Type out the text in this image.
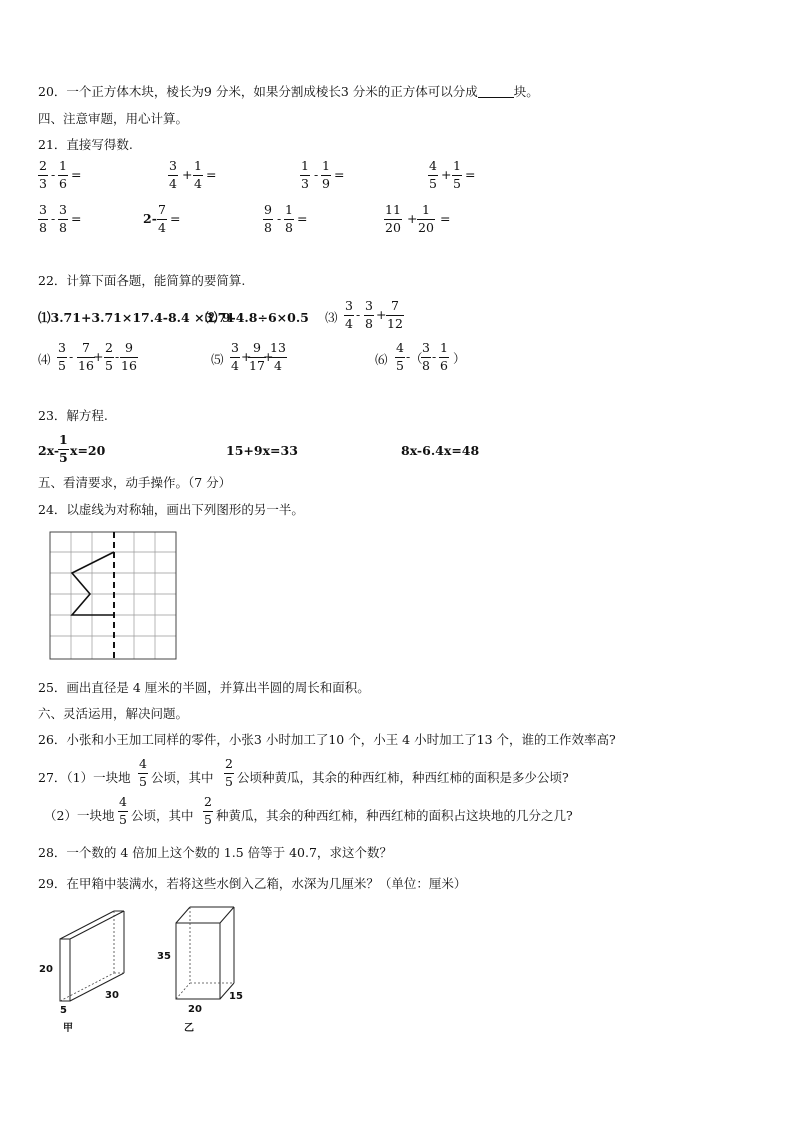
20．一个正方体木块，棱长为9 分米，如果分割成棱长3 分米的正方体可以分成	块。
四、注意审题，用心计算。
21．直接写得数.
2
3
-
1
6
=
3
4
+
1
4
=
1
3
-
1
9
=
4
5
+
1
5
=
3
8
-
3
8
=	2-
7
4
=
9
8
-
1
8
=
11
20
+
1
20
=
22．计算下面各题，能简算的要简算.
⑴3.71+3.71×17.4-8.4 ×3.71
⑵ 9-4.8÷6×0.5 ⑶
3
4
-
3
8
+
7
12
⑷
3
5
-
7
16
+
2
5
-
9
16	⑸
3
4
+
9
17
+
13
4	⑹
4
5
- （
3
8
-
1
6 ）
23．解方程.
2x-
1
5 x=20	15+9x=33	8x-6.4x=48
五、看清要求，动手操作。（7 分）
24．以虚线为对称轴，画出下列图形的另一半。
25．画出直径是 4 厘米的半圆，并算出半圆的周长和面积。
六、灵活运用，解决问题。
26．小张和小王加工同样的零件，小张3 小时加工了10 个，小王 4 小时加工了13 个，谁的工作效率高?
27．（1）一块地
4
5 公顷，其中
2
5 公顷种黄瓜，其余的种西红柿，种西红柿的面积是多少公顷?
（2）一块地
4
5 公顷，其中
2
5 种黄瓜，其余的种西红柿，种西红柿的面积占这块地的几分之几?
28．一个数的 4 倍加上这个数的 1.5 倍等于 40.7，求这个数？
29．在甲箱中装满水，若将这些水倒入乙箱，水深为几厘米？（单位：厘米）
20
30
5
甲
35
20
15
乙
